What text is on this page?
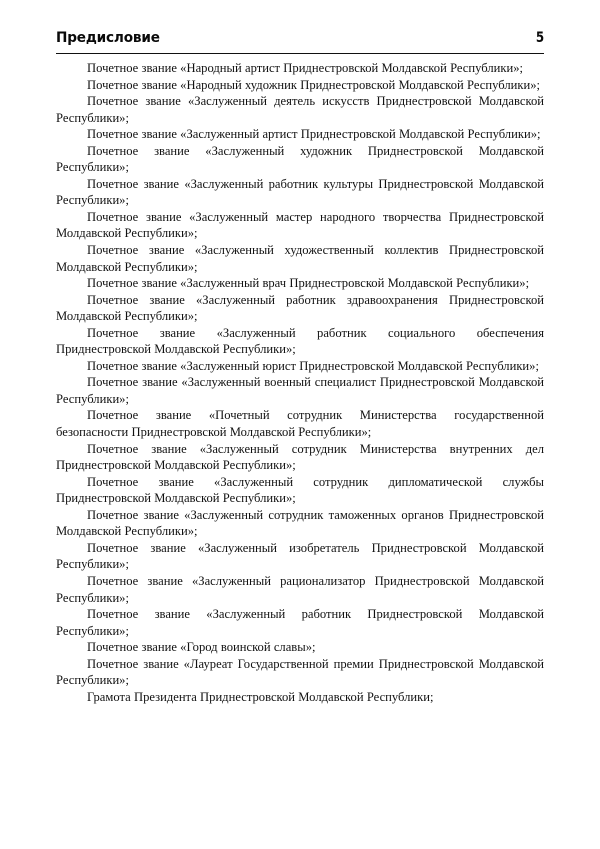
Предисловие	5

Почетное звание «Народный артист Приднестровской Молдавской Республики»;

Почетное звание «Народный художник Приднестровской Молдавской Республики»;

Почетное звание «Заслуженный деятель искусств Приднестровской Молдавской Республики»;

Почетное звание «Заслуженный артист Приднестровской Молдавской Республики»;

Почетное звание «Заслуженный художник Приднестровской Молдавской Республики»;

Почетное звание «Заслуженный работник культуры Приднестровской Молдавской Республики»;

Почетное звание «Заслуженный мастер народного творчества Приднестровской Молдавской Республики»;

Почетное звание «Заслуженный художественный коллектив Приднестровской Молдавской Республики»;

Почетное звание «Заслуженный врач Приднестровской Молдавской Республики»;

Почетное звание «Заслуженный работник здравоохранения Приднестровской Молдавской Республики»;

Почетное звание «Заслуженный работник социального обеспечения Приднестровской Молдавской Республики»;

Почетное звание «Заслуженный юрист Приднестровской Молдавской Республики»;

Почетное звание «Заслуженный военный специалист Приднестровской Молдавской Республики»;

Почетное звание «Почетный сотрудник Министерства государственной безопасности Приднестровской Молдавской Республики»;

Почетное звание «Заслуженный сотрудник Министерства внутренних дел Приднестровской Молдавской Республики»;

Почетное звание «Заслуженный сотрудник дипломатической службы Приднестровской Молдавской Республики»;

Почетное звание «Заслуженный сотрудник таможенных органов Приднестровской Молдавской Республики»;

Почетное звание «Заслуженный изобретатель Приднестровской Молдавской Республики»;

Почетное звание «Заслуженный рационализатор Приднестровской Молдавской Республики»;

Почетное звание «Заслуженный работник Приднестровской Молдавской Республики»;

Почетное звание «Город воинской славы»;

Почетное звание «Лауреат Государственной премии Приднестровской Молдавской Республики»;

Грамота Президента Приднестровской Молдавской Республики;
